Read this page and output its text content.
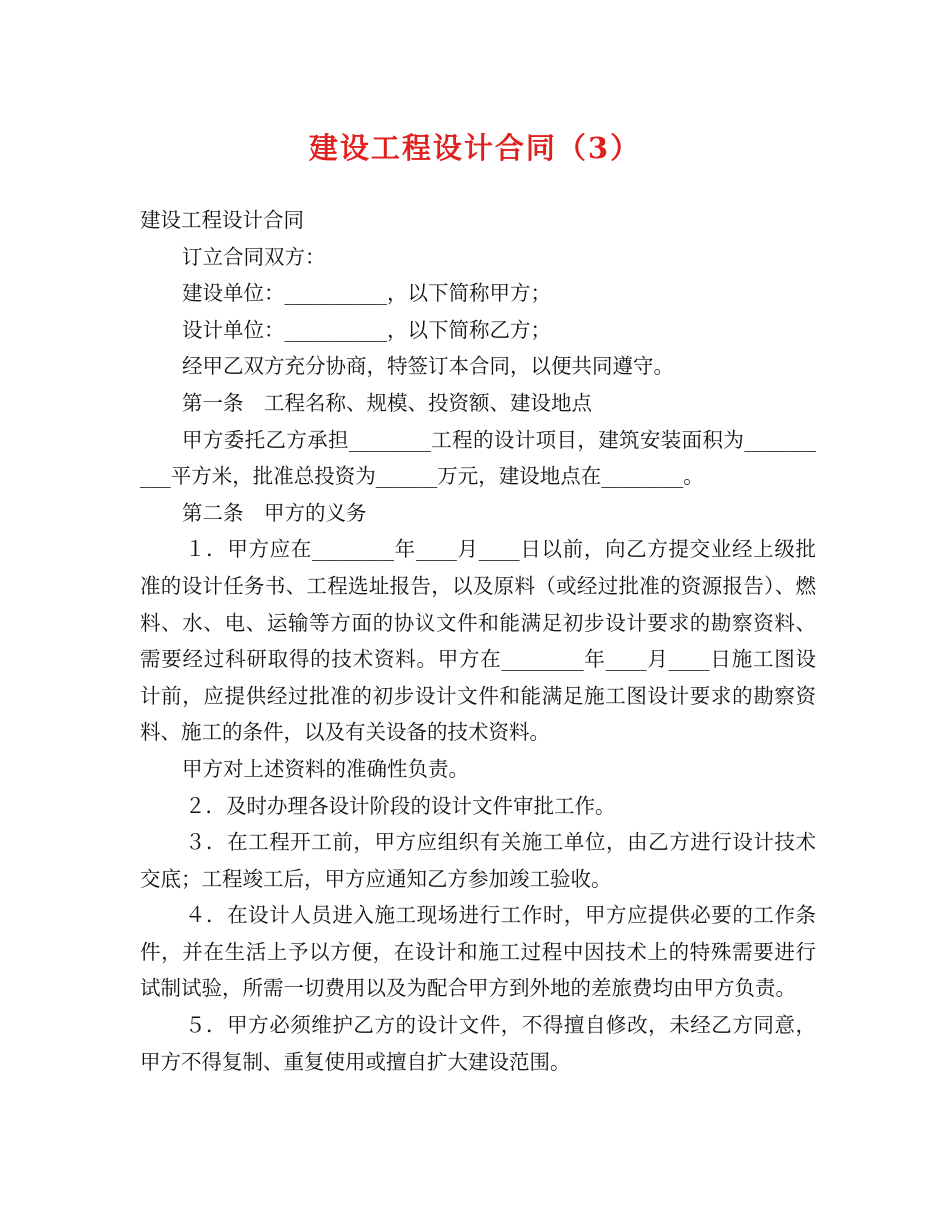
建设工程设计合同（3）

建设工程设计合同

订立合同双方：

建设单位：__________，以下简称甲方；

设计单位：__________，以下简称乙方；

经甲乙双方充分协商，特签订本合同，以便共同遵守。

第一条　工程名称、规模、投资额、建设地点

甲方委托乙方承担________工程的设计项目，建筑安装面积为__________平方米，批准总投资为______万元，建设地点在________。

第二条　甲方的义务

１．甲方应在________年____月____日以前，向乙方提交业经上级批准的设计任务书、工程选址报告，以及原料（或经过批准的资源报告）、燃料、水、电、运输等方面的协议文件和能满足初步设计要求的勘察资料、需要经过科研取得的技术资料。甲方在________年____月____日施工图设计前，应提供经过批准的初步设计文件和能满足施工图设计要求的勘察资料、施工的条件，以及有关设备的技术资料。

甲方对上述资料的准确性负责。

２．及时办理各设计阶段的设计文件审批工作。

３．在工程开工前，甲方应组织有关施工单位，由乙方进行设计技术交底；工程竣工后，甲方应通知乙方参加竣工验收。

４．在设计人员进入施工现场进行工作时，甲方应提供必要的工作条件，并在生活上予以方便，在设计和施工过程中因技术上的特殊需要进行试制试验，所需一切费用以及为配合甲方到外地的差旅费均由甲方负责。

５．甲方必须维护乙方的设计文件，不得擅自修改，未经乙方同意，甲方不得复制、重复使用或擅自扩大建设范围。
